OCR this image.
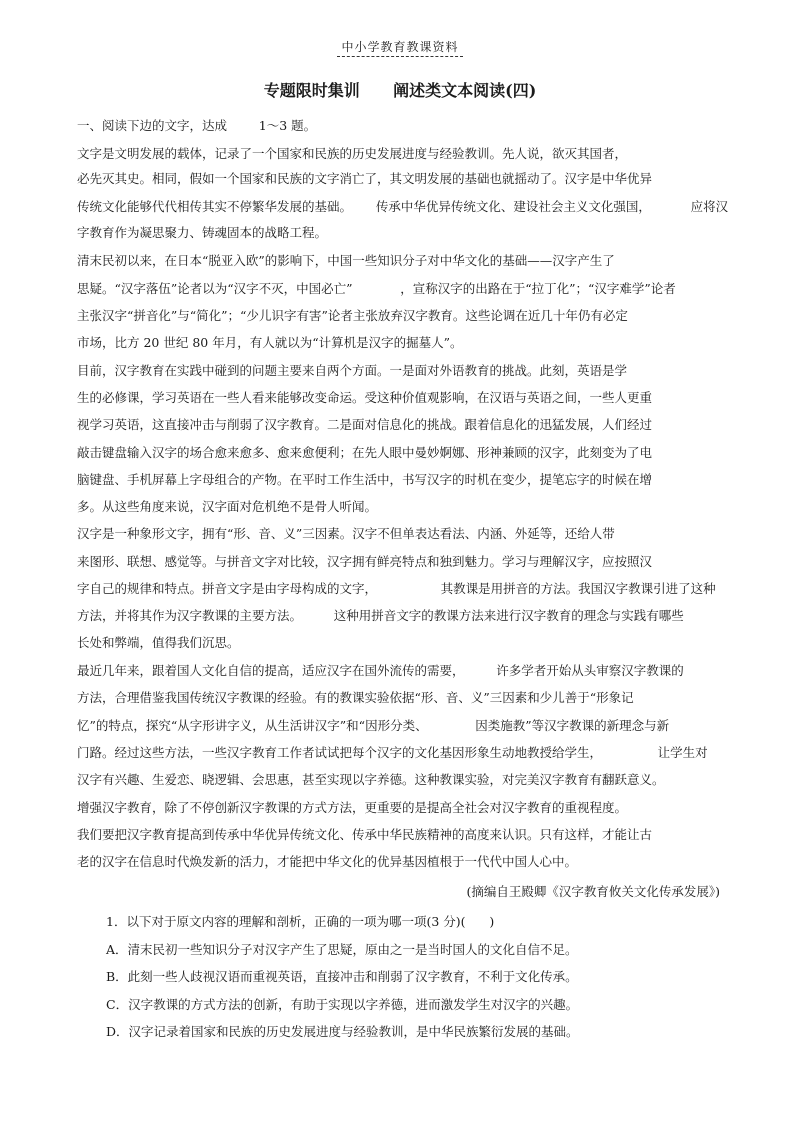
中小学教育教课资料
专题限时集训      阐述类文本阅读(四)
一、阅读下边的文字，达成        1～3 题。
文字是文明发展的载体，记录了一个国家和民族的历史发展进度与经验教训。先人说，欲灭其国者，
必先灭其史。相同，假如一个国家和民族的文字消亡了，其文明发展的基础也就摇动了。汉字是中华优异
传统文化能够代代相传其实不停繁华发展的基础。      传承中华优异传统文化、建设社会主义文化强国，          应将汉
字教育作为凝思聚力、铸魂固本的战略工程。
清末民初以来，在日本“脱亚入欧”的影响下，中国一些知识分子对中华文化的基础——汉字产生了
思疑。“汉字落伍”论者以为“汉字不灭，中国必亡”            ，宣称汉字的出路在于“拉丁化”；“汉字难学”论者
主张汉字“拼音化”与“简化”；“少儿识字有害”论者主张放弃汉字教育。这些论调在近几十年仍有必定
市场，比方 20 世纪 80 年月，有人就以为“计算机是汉字的掘墓人”。
目前，汉字教育在实践中碰到的问题主要来自两个方面。一是面对外语教育的挑战。此刻，英语是学
生的必修课，学习英语在一些人看来能够改变命运。受这种价值观影响，在汉语与英语之间，一些人更重
视学习英语，这直接冲击与削弱了汉字教育。二是面对信息化的挑战。跟着信息化的迅猛发展，人们经过
敲击键盘输入汉字的场合愈来愈多、愈来愈便利；在先人眼中曼妙婀娜、形神兼顾的汉字，此刻变为了电
脑键盘、手机屏幕上字母组合的产物。在平时工作生活中，书写汉字的时机在变少，提笔忘字的时候在增
多。从这些角度来说，汉字面对危机绝不是骨人听闻。
汉字是一种象形文字，拥有“形、音、义”三因素。汉字不但单表达看法、内涵、外延等，还给人带
来图形、联想、感觉等。与拼音文字对比较，汉字拥有鲜亮特点和独到魅力。学习与理解汉字，应按照汉
字自己的规律和特点。拼音文字是由字母构成的文字，                其教课是用拼音的方法。我国汉字教课引进了这种
方法，并将其作为汉字教课的主要方法。        这种用拼音文字的教课方法来进行汉字教育的理念与实践有哪些
长处和弊端，值得我们沉思。
最近几年来，跟着国人文化自信的提高，适应汉字在国外流传的需要，        许多学者开始从头审察汉字教课的
方法，合理借鉴我国传统汉字教课的经验。有的教课实验依据“形、音、义”三因素和少儿善于“形象记
忆”的特点，探究“从字形讲字义，从生活讲汉字”和“因形分类、            因类施教”等汉字教课的新理念与新
门路。经过这些方法，一些汉字教育工作者试试把每个汉字的文化基因形象生动地教授给学生，              让学生对
汉字有兴趣、生爱恋、晓逻辑、会思惠，甚至实现以字养德。这种教课实验，对完美汉字教育有翻跃意义。
增强汉字教育，除了不停创新汉字教课的方式方法，更重要的是提高全社会对汉字教育的重视程度。
我们要把汉字教育提高到传承中华优异传统文化、传承中华民族精神的高度来认识。只有这样，才能让古
老的汉字在信息时代焕发新的活力，才能把中华文化的优异基因植根于一代代中国人心中。
(摘编自王殿卿《汉字教育攸关文化传承发展》)
1．以下对于原文内容的理解和剖析，正确的一项为哪一项(3 分)(      )
A．清末民初一些知识分子对汉字产生了思疑，原由之一是当时国人的文化自信不足。
B．此刻一些人歧视汉语而重视英语，直接冲击和削弱了汉字教育，不利于文化传承。
C．汉字教课的方式方法的创新，有助于实现以字养德，进而激发学生对汉字的兴趣。
D．汉字记录着国家和民族的历史发展进度与经验教训，是中华民族繁衍发展的基础。
